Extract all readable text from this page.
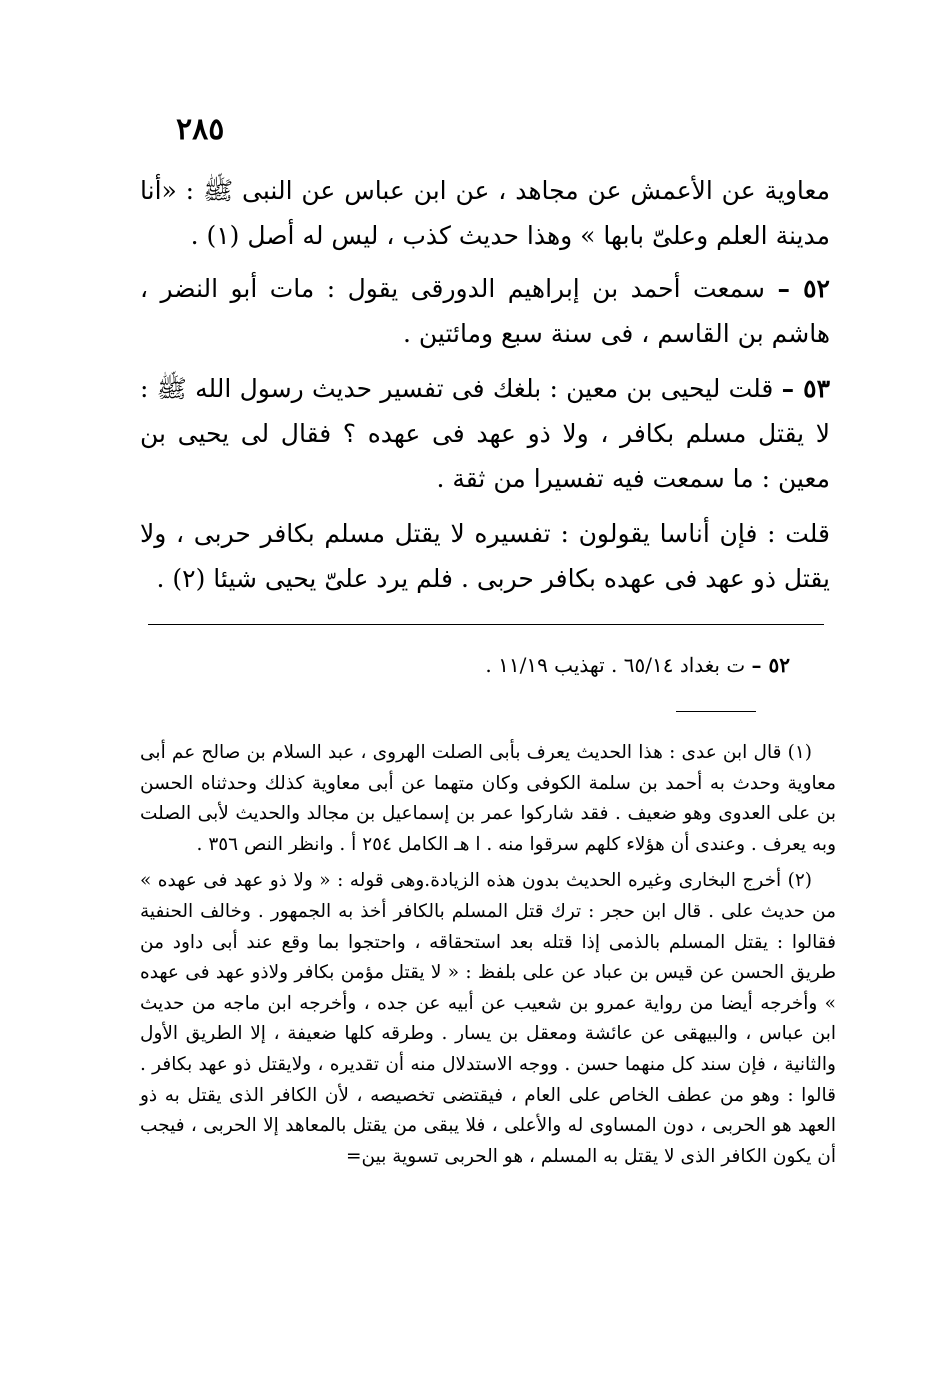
٢٨٥

معاوية عن الأعمش عن مجاهد ، عن ابن عباس عن النبى ﷺ : «أنا مدينة العلم وعلىّ بابها » وهذا حديث كذب ، ليس له أصل (١) .

٥٢ – سمعت أحمد بن إبراهيم الدورقى يقول : مات أبو النضر ، هاشم بن القاسم ، فى سنة سبع ومائتين .

٥٣ – قلت ليحيى بن معين : بلغك فى تفسير حديث رسول الله ﷺ : لا يقتل مسلم بكافر ، ولا ذو عهد فى عهده ؟ فقال لى يحيى بن معين : ما سمعت فيه تفسيرا من ثقة .

قلت : فإن أناسا يقولون : تفسيره لا يقتل مسلم بكافر حربى ، ولا يقتل ذو عهد فى عهده بكافر حربى . فلم يرد علىّ يحيى شيئا (٢) .

٥٢ – ت بغداد ٦٥/١٤ . تهذيب ١١/١٩ .

(١) قال ابن عدى : هذا الحديث يعرف بأبى الصلت الهروى ، عبد السلام بن صالح عم أبى معاوية وحدث به أحمد بن سلمة الكوفى وكان متهما عن أبى معاوية كذلك وحدثناه الحسن بن على العدوى وهو ضعيف . فقد شاركوا عمر بن إسماعيل بن مجالد والحديث لأبى الصلت وبه يعرف . وعندى أن هؤلاء كلهم سرقوا منه . ا هـ الكامل ٢٥٤ أ . وانظر النص ٣٥٦ .

(٢) أخرج البخارى وغيره الحديث بدون هذه الزيادة.وهى قوله : « ولا ذو عهد فى عهده » من حديث على . قال ابن حجر : ترك قتل المسلم بالكافر أخذ به الجمهور . وخالف الحنفية فقالوا : يقتل المسلم بالذمى إذا قتله بعد استحقاقه ، واحتجوا بما وقع عند أبى داود من طريق الحسن عن قيس بن عباد عن على بلفظ : « لا يقتل مؤمن بكافر ولاذو عهد فى عهده » وأخرجه أيضا من رواية عمرو بن شعيب عن أبيه عن جده ، وأخرجه ابن ماجه من حديث ابن عباس ، والبيهقى عن عائشة ومعقل بن يسار . وطرقه كلها ضعيفة ، إلا الطريق الأول والثانية ، فإن سند كل منهما حسن . ووجه الاستدلال منه أن تقديره ، ولايقتل ذو عهد بكافر . قالوا : وهو من عطف الخاص على العام ، فيقتضى تخصيصه ، لأن الكافر الذى يقتل به ذو العهد هو الحربى ، دون المساوى له والأعلى ، فلا يبقى من يقتل بالمعاهد إلا الحربى ، فيجب أن يكون الكافر الذى لا يقتل به المسلم ، هو الحربى تسوية بين=
